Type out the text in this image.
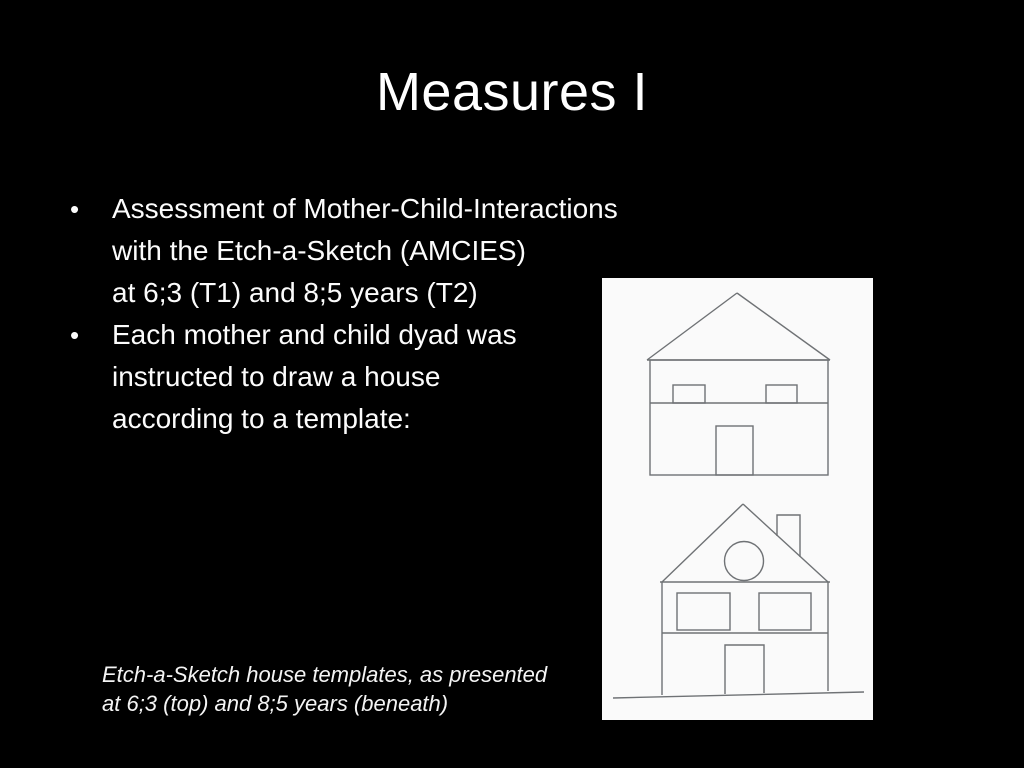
Measures I
•	Assessment of Mother-Child-Interactions
with the Etch-a-Sketch (AMCIES)
at 6;3 (T1) and 8;5 years (T2)
•	Each mother and child dyad was
instructed to draw a house
according to a template:
Etch-a-Sketch house templates, as presented
at 6;3 (top) and 8;5 years (beneath)
